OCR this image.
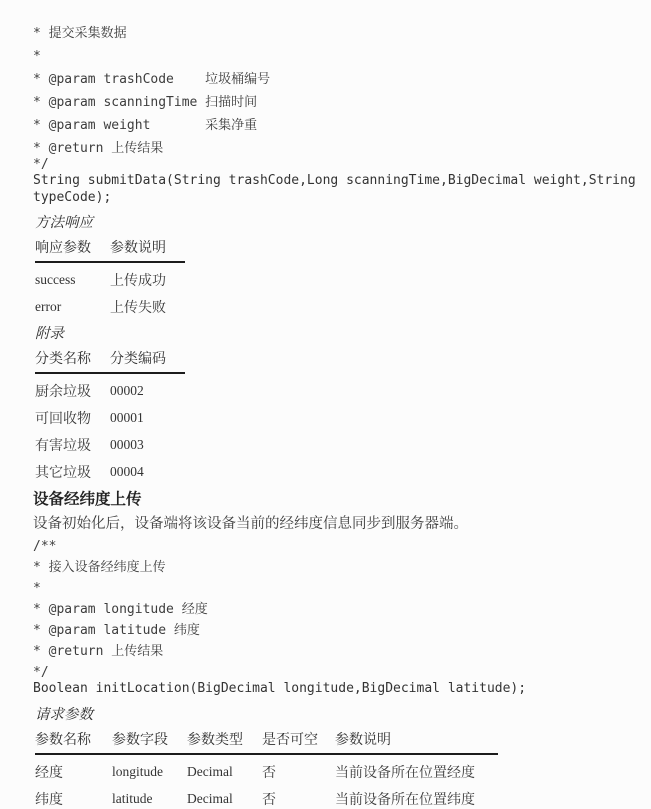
* 提交采集数据
*
* @param trashCode    垃圾桶编号
* @param scanningTime 扫描时间
* @param weight       采集净重
* @return 上传结果
*/
String submitData(String trashCode,Long scanningTime,BigDecimal weight,String typeCode);
方法响应
响应参数	参数说明
success	上传成功
error	上传失败
附录
分类名称	分类编码
厨余垃圾	00002
可回收物	00001
有害垃圾	00003
其它垃圾	00004
设备经纬度上传
设备初始化后，设备端将该设备当前的经纬度信息同步到服务器端。
/**
* 接入设备经纬度上传
*
* @param longitude 经度
* @param latitude 纬度
* @return 上传结果
*/
Boolean initLocation(BigDecimal longitude,BigDecimal latitude);
请求参数
参数名称	参数字段	参数类型	是否可空	参数说明
经度	longitude	Decimal	否	当前设备所在位置经度
纬度	latitude	Decimal	否	当前设备所在位置纬度
